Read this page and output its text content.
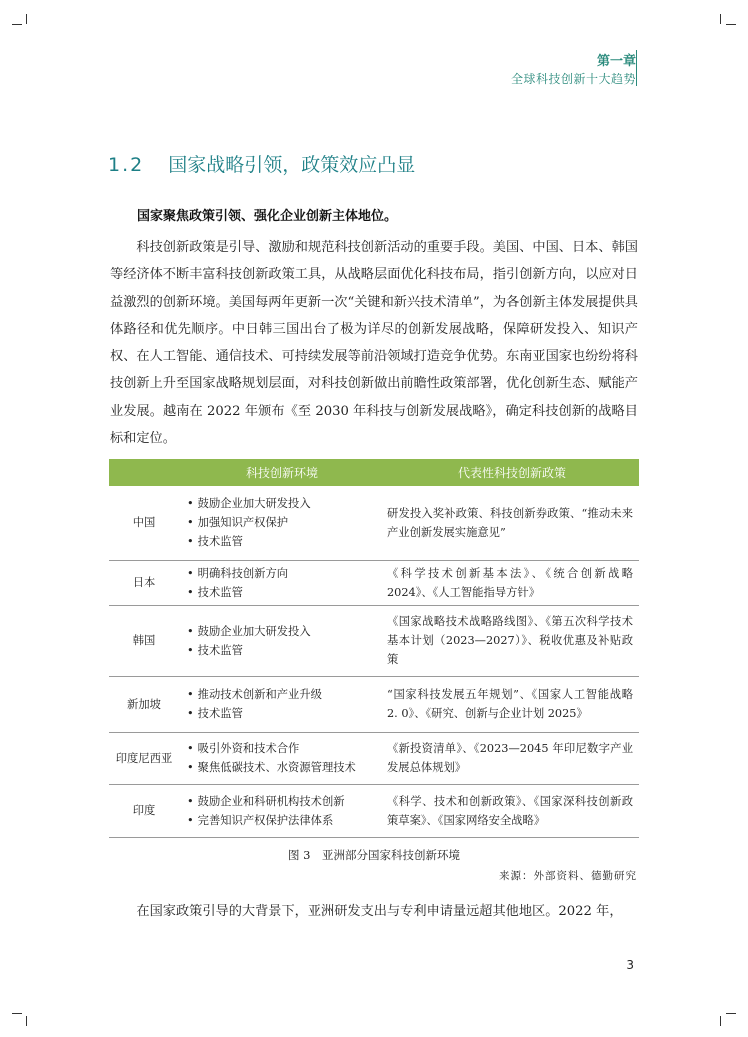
第一章
全球科技创新十大趋势
1.2 国家战略引领，政策效应凸显
国家聚焦政策引领、强化企业创新主体地位。
科技创新政策是引导、激励和规范科技创新活动的重要手段。美国、中国、日本、韩国等经济体不断丰富科技创新政策工具，从战略层面优化科技布局，指引创新方向，以应对日益激烈的创新环境。美国每两年更新一次“关键和新兴技术清单”，为各创新主体发展提供具体路径和优先顺序。中日韩三国出台了极为详尽的创新发展战略，保障研发投入、知识产权、在人工智能、通信技术、可持续发展等前沿领域打造竞争优势。东南亚国家也纷纷将科技创新上升至国家战略规划层面，对科技创新做出前瞻性政策部署，优化创新生态、赋能产业发展。越南在 2022 年颁布《至 2030 年科技与创新发展战略》，确定科技创新的战略目标和定位。
	科技创新环境	代表性科技创新政策
中国	• 鼓励企业加大研发投入
• 加强知识产权保护
• 技术监管	研发投入奖补政策、科技创新券政策、“推动未来产业创新发展实施意见”
日本	• 明确科技创新方向
• 技术监管	《科学技术创新基本法》、《统合创新战略 2024》、《人工智能指导方针》
韩国	• 鼓励企业加大研发投入
• 技术监管	《国家战略技术战略路线图》、《第五次科学技术基本计划（2023—2027）》、税收优惠及补贴政策
新加坡	• 推动技术创新和产业升级
• 技术监管	“国家科技发展五年规划”、《国家人工智能战略 2. 0》、《研究、创新与企业计划 2025》
印度尼西亚	• 吸引外资和技术合作
• 聚焦低碳技术、水资源管理技术	《新投资清单》、《2023—2045 年印尼数字产业发展总体规划》
印度	• 鼓励企业和科研机构技术创新
• 完善知识产权保护法律体系	《科学、技术和创新政策》、《国家深科技创新政策草案》、《国家网络安全战略》
图 3　亚洲部分国家科技创新环境
来源：外部资料、德勤研究
在国家政策引导的大背景下，亚洲研发支出与专利申请量远超其他地区。2022 年，
3
